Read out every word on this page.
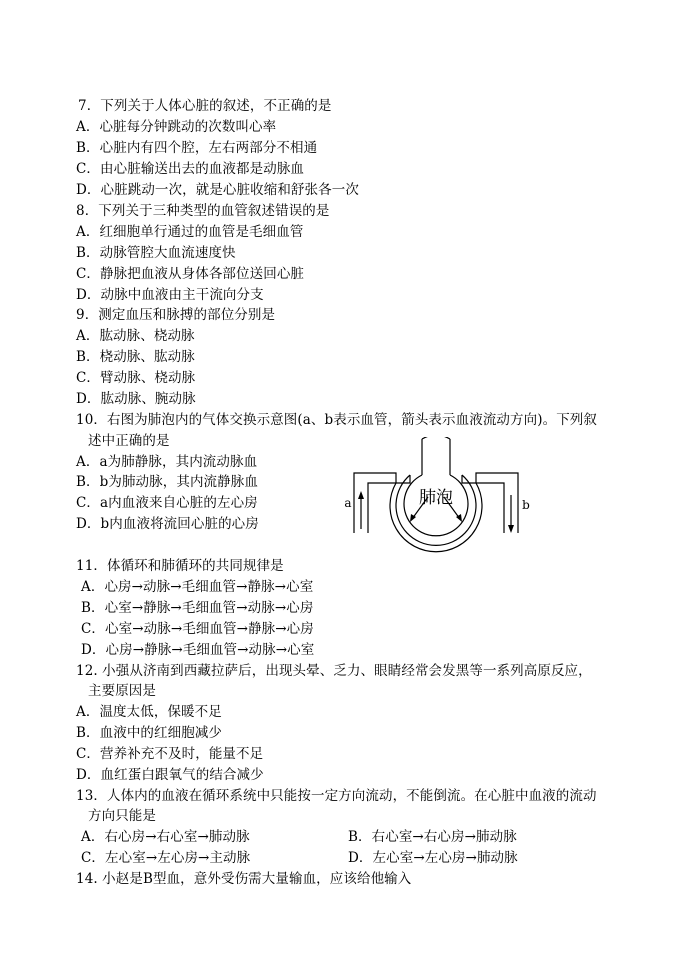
7．下列关于人体心脏的叙述，不正确的是
A．心脏每分钟跳动的次数叫心率
B．心脏内有四个腔，左右两部分不相通
C．由心脏输送出去的血液都是动脉血
D．心脏跳动一次，就是心脏收缩和舒张各一次
8．下列关于三种类型的血管叙述错误的是
A．红细胞单行通过的血管是毛细血管
B．动脉管腔大血流速度快
C．静脉把血液从身体各部位送回心脏
D．动脉中血液由主干流向分支
9．测定血压和脉搏的部位分别是
A．肱动脉、桡动脉
B．桡动脉、肱动脉
C．臂动脉、桡动脉
D．肱动脉、腕动脉
10．右图为肺泡内的气体交换示意图(a、b表示血管，箭头表示血液流动方向)。下列叙
述中正确的是
A．a为肺静脉，其内流动脉血
B．b为肺动脉，其内流静脉血
C．a内血液来自心脏的左心房
D．b内血液将流回心脏的心房
肺泡
a	b
11．体循环和肺循环的共同规律是
A．心房→动脉→毛细血管→静脉→心室
B．心室→静脉→毛细血管→动脉→心房
C．心室→动脉→毛细血管→静脉→心房
D．心房→静脉→毛细血管→动脉→心室
12. 小强从济南到西藏拉萨后，出现头晕、乏力、眼睛经常会发黑等一系列高原反应，
主要原因是
A．温度太低，保暖不足
B．血液中的红细胞减少
C．营养补充不及时，能量不足
D．血红蛋白跟氧气的结合减少
13．人体内的血液在循环系统中只能按一定方向流动，不能倒流。在心脏中血液的流动
方向只能是
A．右心房→右心室→肺动脉	B．右心室→右心房→肺动脉
C．左心室→左心房→主动脉	D．左心室→左心房→肺动脉
14. 小赵是B型血，意外受伤需大量输血，应该给他输入
